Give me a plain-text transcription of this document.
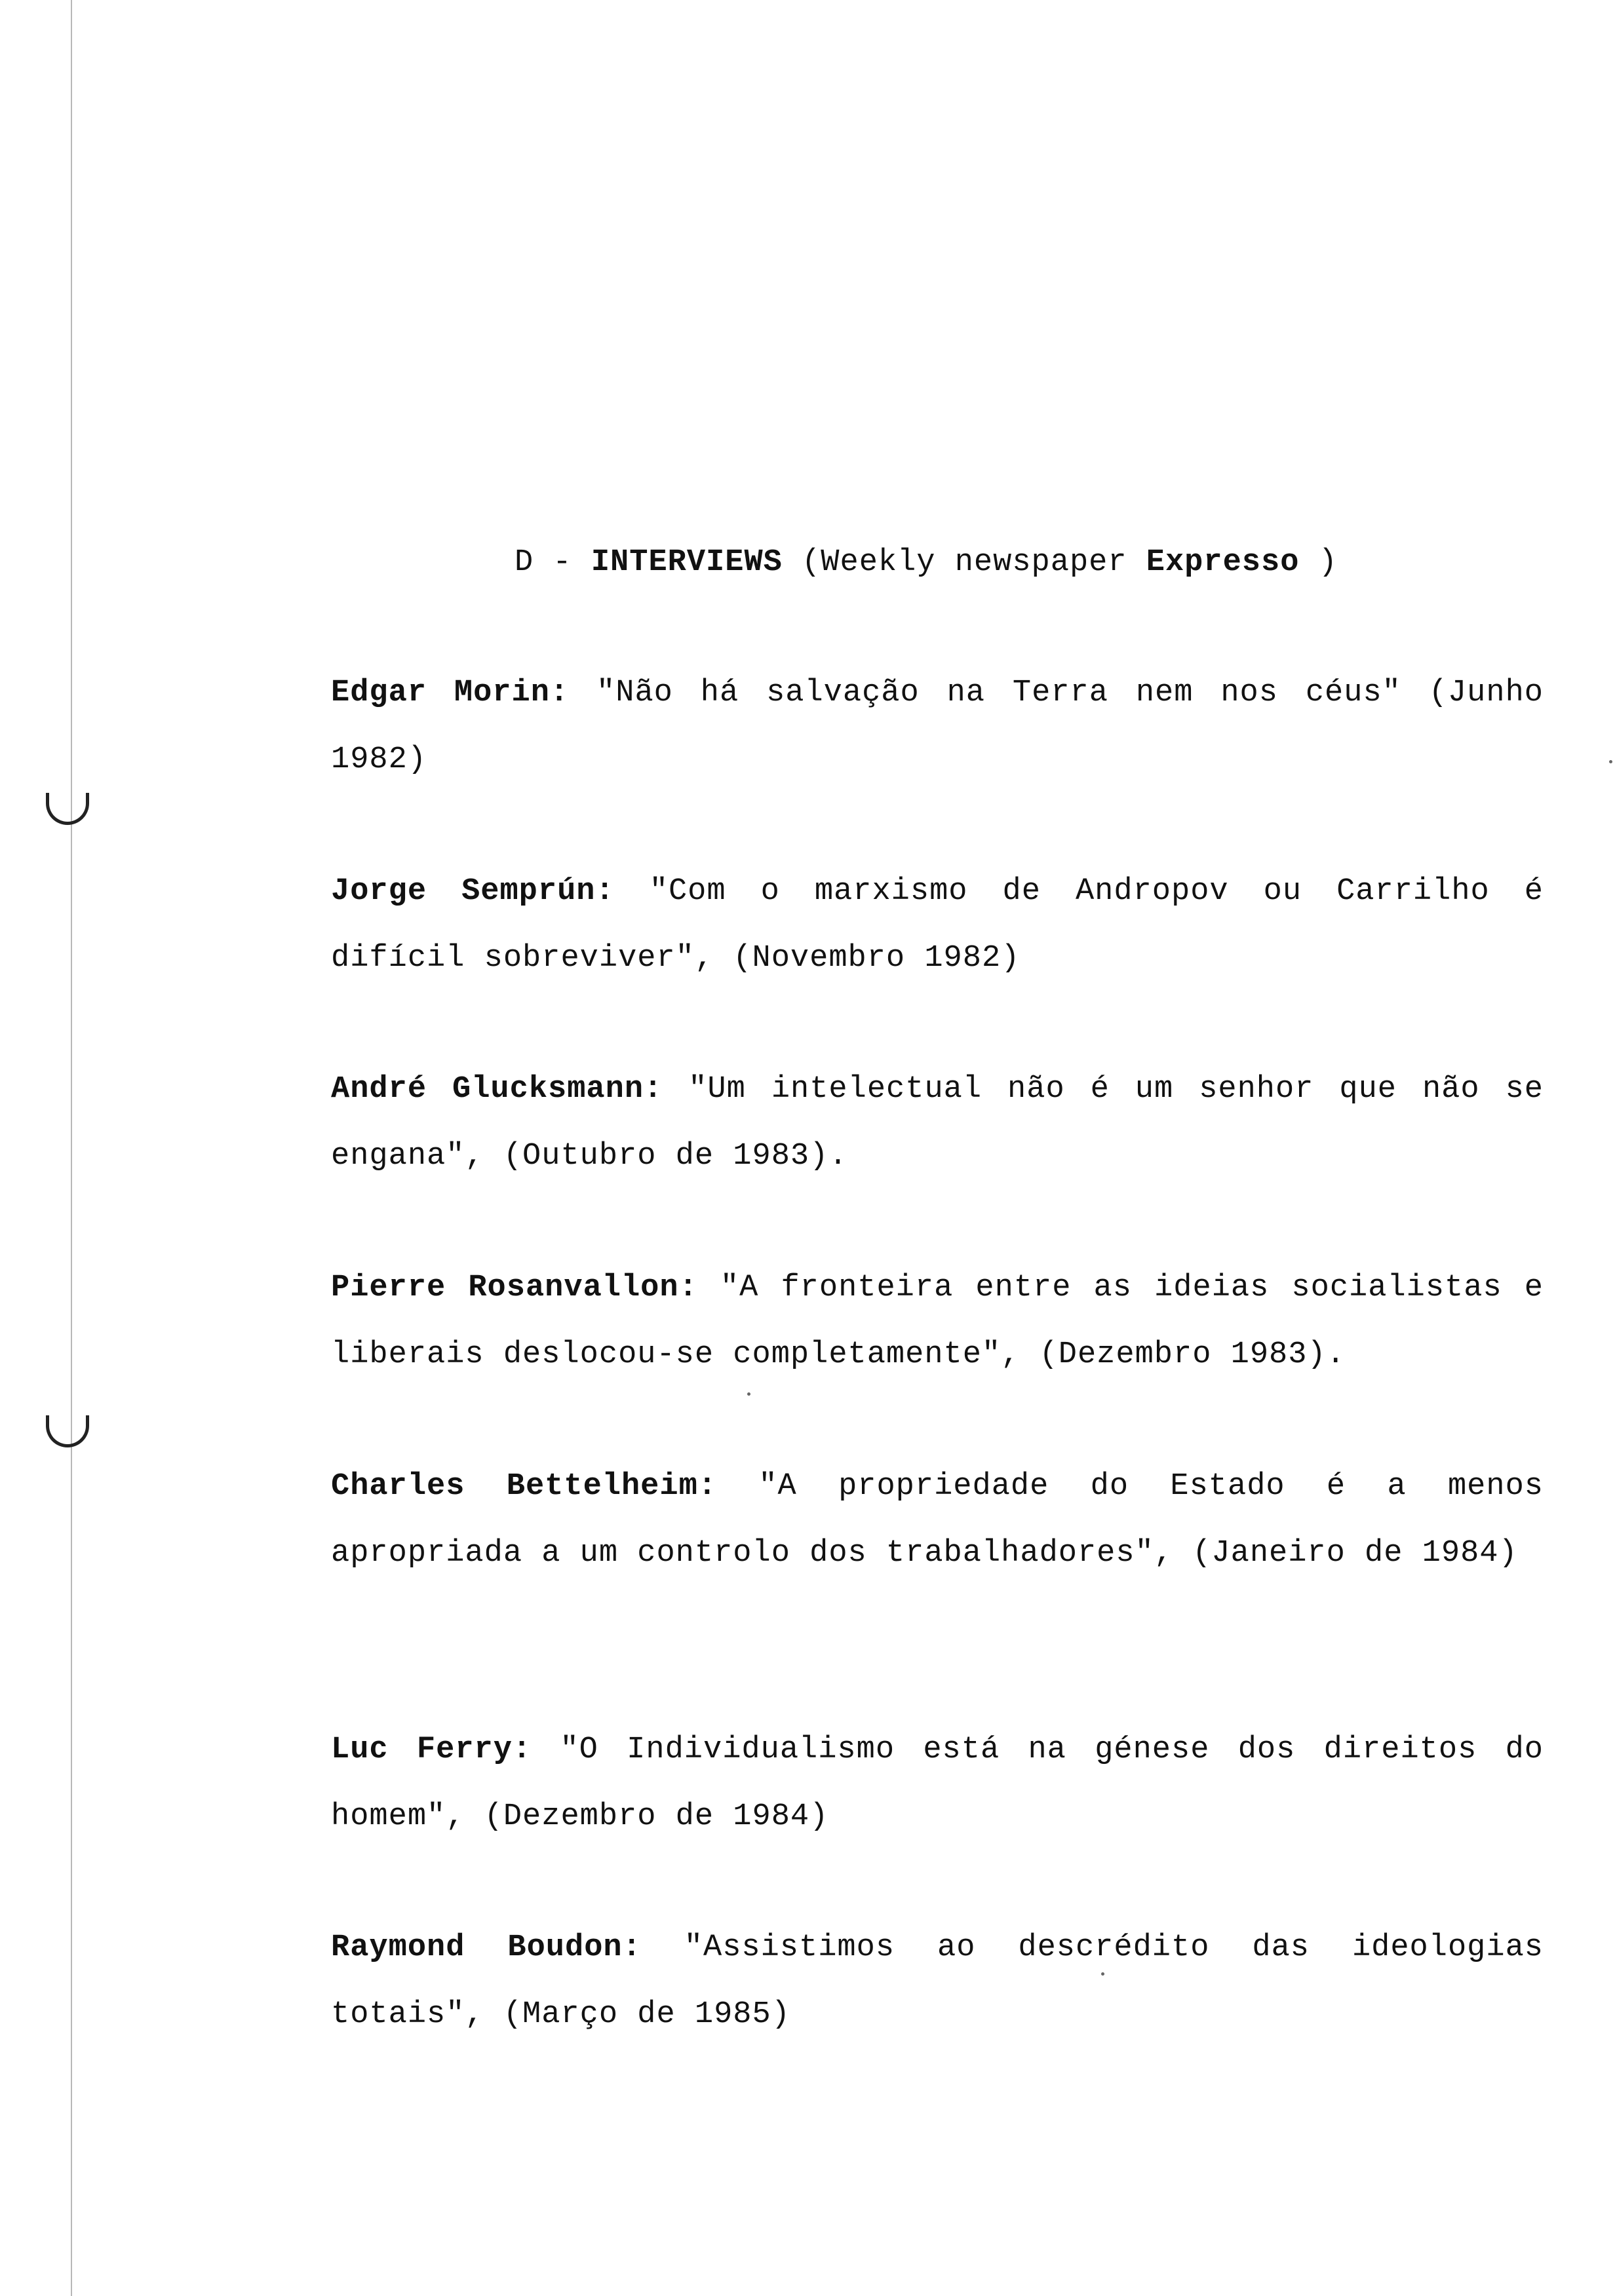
D - INTERVIEWS (Weekly newspaper Expresso )
Edgar Morin: "Não há salvação na Terra nem nos céus" (Junho 1982)
Jorge Semprún: "Com o marxismo de Andropov ou Carrilho é difícil sobreviver", (Novembro 1982)
André Glucksmann: "Um intelectual não é um senhor que não se engana", (Outubro de 1983).
Pierre Rosanvallon: "A fronteira entre as ideias socialistas e liberais deslocou-se completamente", (Dezembro 1983).
Charles Bettelheim: "A propriedade do Estado é a menos apropriada a um controlo dos trabalhadores", (Janeiro de 1984)
Luc Ferry: "O Individualismo está na génese dos direitos do homem", (Dezembro de 1984)
Raymond Boudon: "Assistimos ao descrédito das ideologias totais", (Março de 1985)
